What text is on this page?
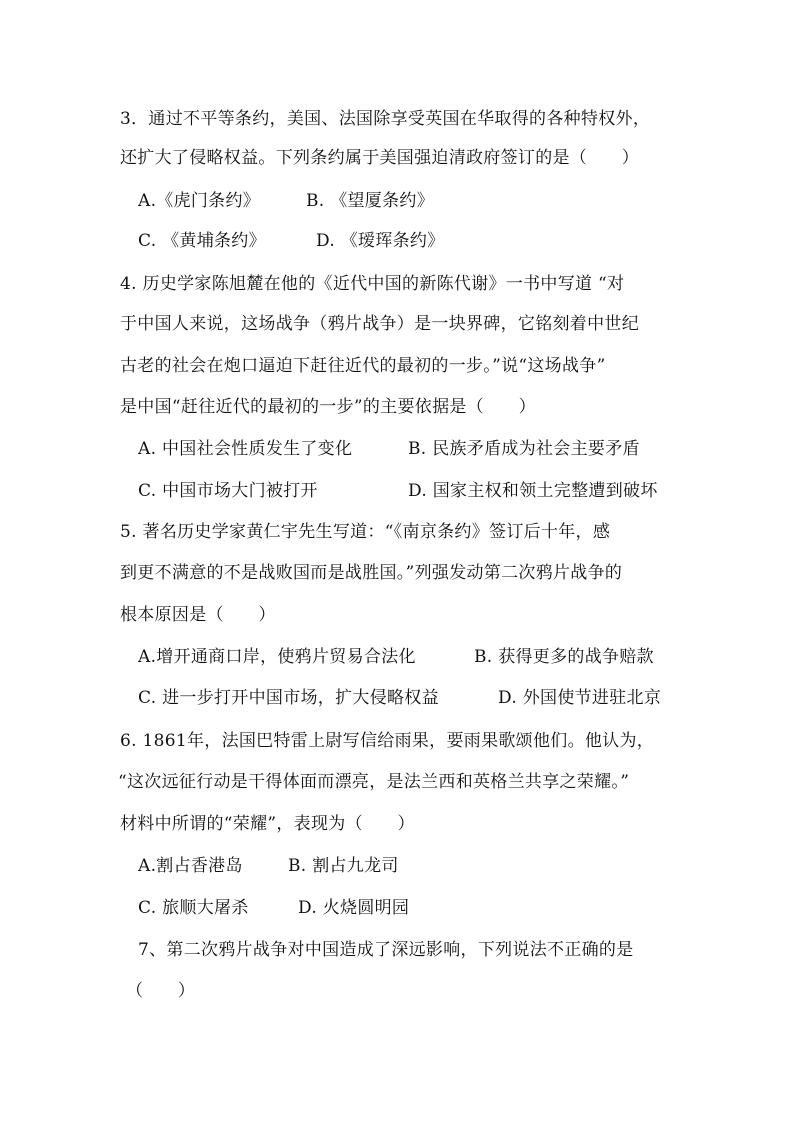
3．通过不平等条约，美国、法国除享受英国在华取得的各种特权外，
还扩大了侵略权益。下列条约属于美国强迫清政府签订的是（　　）
A.《虎门条约》	B. 《望厦条约》
C. 《黄埔条约》	D. 《瑷珲条约》
4. 历史学家陈旭麓在他的《近代中国的新陈代谢》一书中写道 “对
于中国人来说，这场战争（鸦片战争）是一块界碑，它铭刻着中世纪
古老的社会在炮口逼迫下赶往近代的最初的一步。”说“这场战争”
是中国“赶往近代的最初的一步”的主要依据是（　　）
A. 中国社会性质发生了变化	B. 民族矛盾成为社会主要矛盾
C. 中国市场大门被打开	D. 国家主权和领土完整遭到破坏
5. 著名历史学家黄仁宇先生写道：“《南京条约》签订后十年，感
到更不满意的不是战败国而是战胜国。”列强发动第二次鸦片战争的
根本原因是（　　）
A.增开通商口岸，使鸦片贸易合法化	B. 获得更多的战争赔款
C. 进一步打开中国市场，扩大侵略权益	D. 外国使节进驻北京
6. 1861年，法国巴特雷上尉写信给雨果，要雨果歌颂他们。他认为，
“这次远征行动是干得体面而漂亮，是法兰西和英格兰共享之荣耀。”
材料中所谓的“荣耀”，表现为（　　）
A.割占香港岛	B. 割占九龙司
C. 旅顺大屠杀	D. 火烧圆明园
7、第二次鸦片战争对中国造成了深远影响，下列说法不正确的是
（　　）
